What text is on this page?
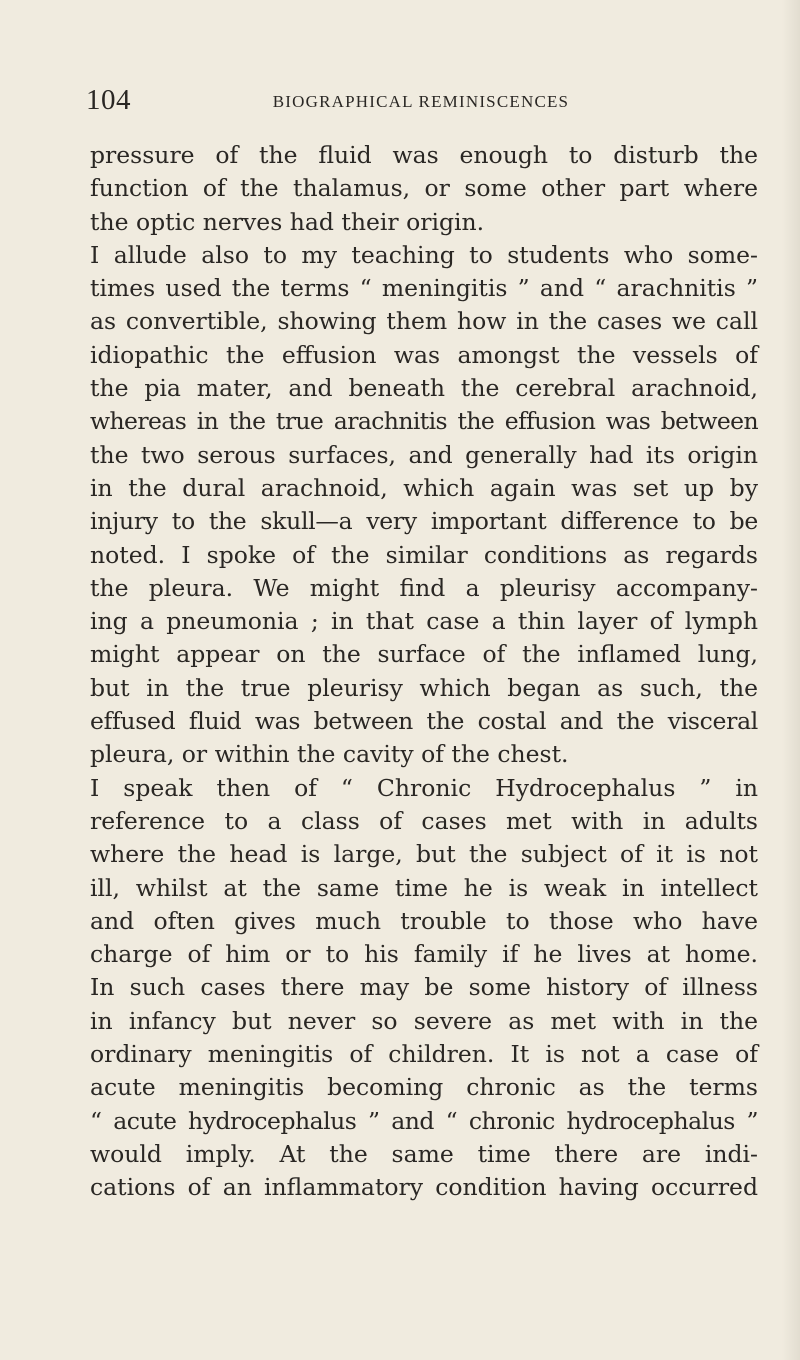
104	BIOGRAPHICAL REMINISCENCES
pressure of the fluid was enough to disturb the
function of the thalamus, or some other part where
the optic nerves had their origin.
I allude also to my teaching to students who some-
times used the terms “ meningitis ” and “ arachnitis ”
as convertible, showing them how in the cases we call
idiopathic the effusion was amongst the vessels of
the pia mater, and beneath the cerebral arachnoid,
whereas in the true arachnitis the effusion was between
the two serous surfaces, and generally had its origin
in the dural arachnoid, which again was set up by
injury to the skull—a very important difference to be
noted. I spoke of the similar conditions as regards
the pleura. We might find a pleurisy accompany-
ing a pneumonia ; in that case a thin layer of lymph
might appear on the surface of the inflamed lung,
but in the true pleurisy which began as such, the
effused fluid was between the costal and the visceral
pleura, or within the cavity of the chest.
I speak then of “ Chronic Hydrocephalus ” in
reference to a class of cases met with in adults
where the head is large, but the subject of it is not
ill, whilst at the same time he is weak in intellect
and often gives much trouble to those who have
charge of him or to his family if he lives at home.
In such cases there may be some history of illness
in infancy but never so severe as met with in the
ordinary meningitis of children. It is not a case of
acute meningitis becoming chronic as the terms
“ acute hydrocephalus ” and “ chronic hydrocephalus ”
would imply. At the same time there are indi-
cations of an inflammatory condition having occurred
